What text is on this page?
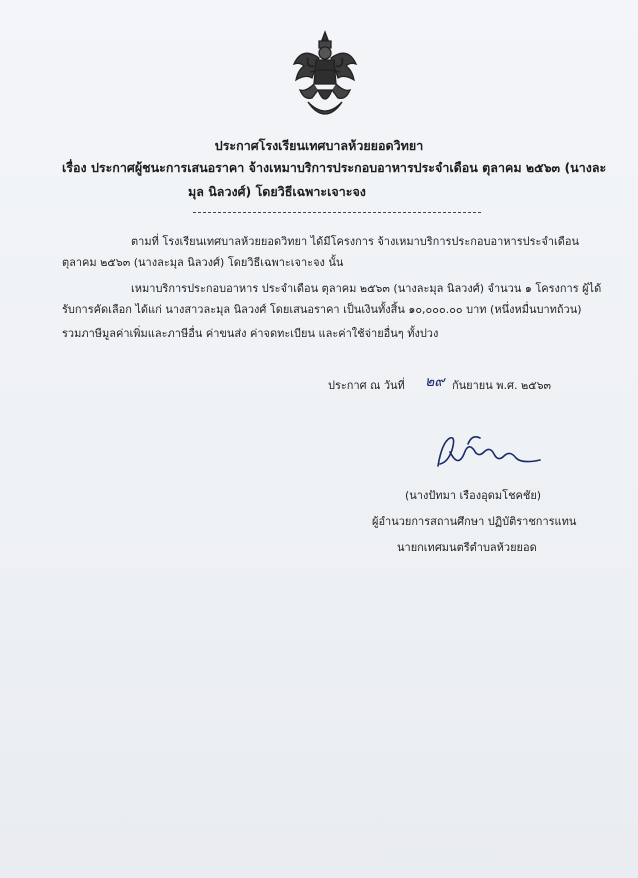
ประกาศโรงเรียนเทศบาลห้วยยอดวิทยา
เรื่อง ประกาศผู้ชนะการเสนอราคา จ้างเหมาบริการประกอบอาหารประจำเดือน ตุลาคม ๒๕๖๓ (นางละ
มุล นิลวงศ์) โดยวิธีเฉพาะเจาะจง
ตามที่ โรงเรียนเทศบาลห้วยยอดวิทยา ได้มีโครงการ จ้างเหมาบริการประกอบอาหารประจำเดือน
ตุลาคม ๒๕๖๓ (นางละมุล นิลวงศ์) โดยวิธีเฉพาะเจาะจง นั้น
เหมาบริการประกอบอาหาร ประจำเดือน ตุลาคม ๒๕๖๓ (นางละมุล นิลวงศ์) จำนวน ๑ โครงการ ผู้ได้
รับการคัดเลือก ได้แก่ นางสาวละมุล นิลวงศ์ โดยเสนอราคา เป็นเงินทั้งสิ้น ๑๐,๐๐๐.๐๐ บาท (หนึ่งหมื่นบาทถ้วน)
รวมภาษีมูลค่าเพิ่มและภาษีอื่น ค่าขนส่ง ค่าจดทะเบียน และค่าใช้จ่ายอื่นๆ ทั้งปวง
ประกาศ ณ วันที่ ๒๙ กันยายน พ.ศ. ๒๕๖๓
(นางปัทมา เรืองอุดมโชคชัย)
ผู้อำนวยการสถานศึกษา ปฏิบัติราชการแทน
นายกเทศมนตรีตำบลห้วยยอด
